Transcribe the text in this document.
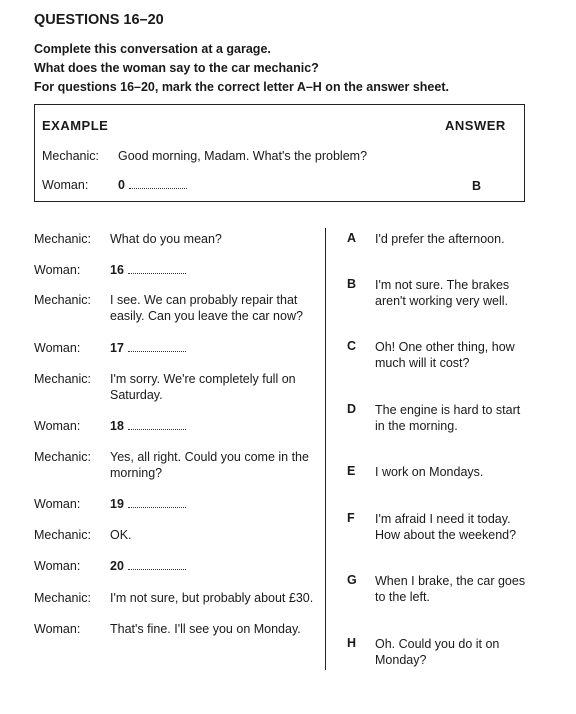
QUESTIONS 16–20
Complete this conversation at a garage.
What does the woman say to the car mechanic?
For questions 16–20, mark the correct letter A–H on the answer sheet.
EXAMPLE	ANSWER
Mechanic: Good morning, Madam. What's the problem?
Woman: 0	B
Mechanic: What do you mean?
Woman: 16
Mechanic: I see. We can probably repair that easily. Can you leave the car now?
Woman: 17
Mechanic: I'm sorry. We're completely full on Saturday.
Woman: 18
Mechanic: Yes, all right. Could you come in the morning?
Woman: 19
Mechanic: OK.
Woman: 20
Mechanic: I'm not sure, but probably about £30.
Woman: That's fine. I'll see you on Monday.
A I'd prefer the afternoon.
B I'm not sure. The brakes aren't working very well.
C Oh! One other thing, how much will it cost?
D The engine is hard to start in the morning.
E I work on Mondays.
F I'm afraid I need it today. How about the weekend?
G When I brake, the car goes to the left.
H Oh. Could you do it on Monday?
